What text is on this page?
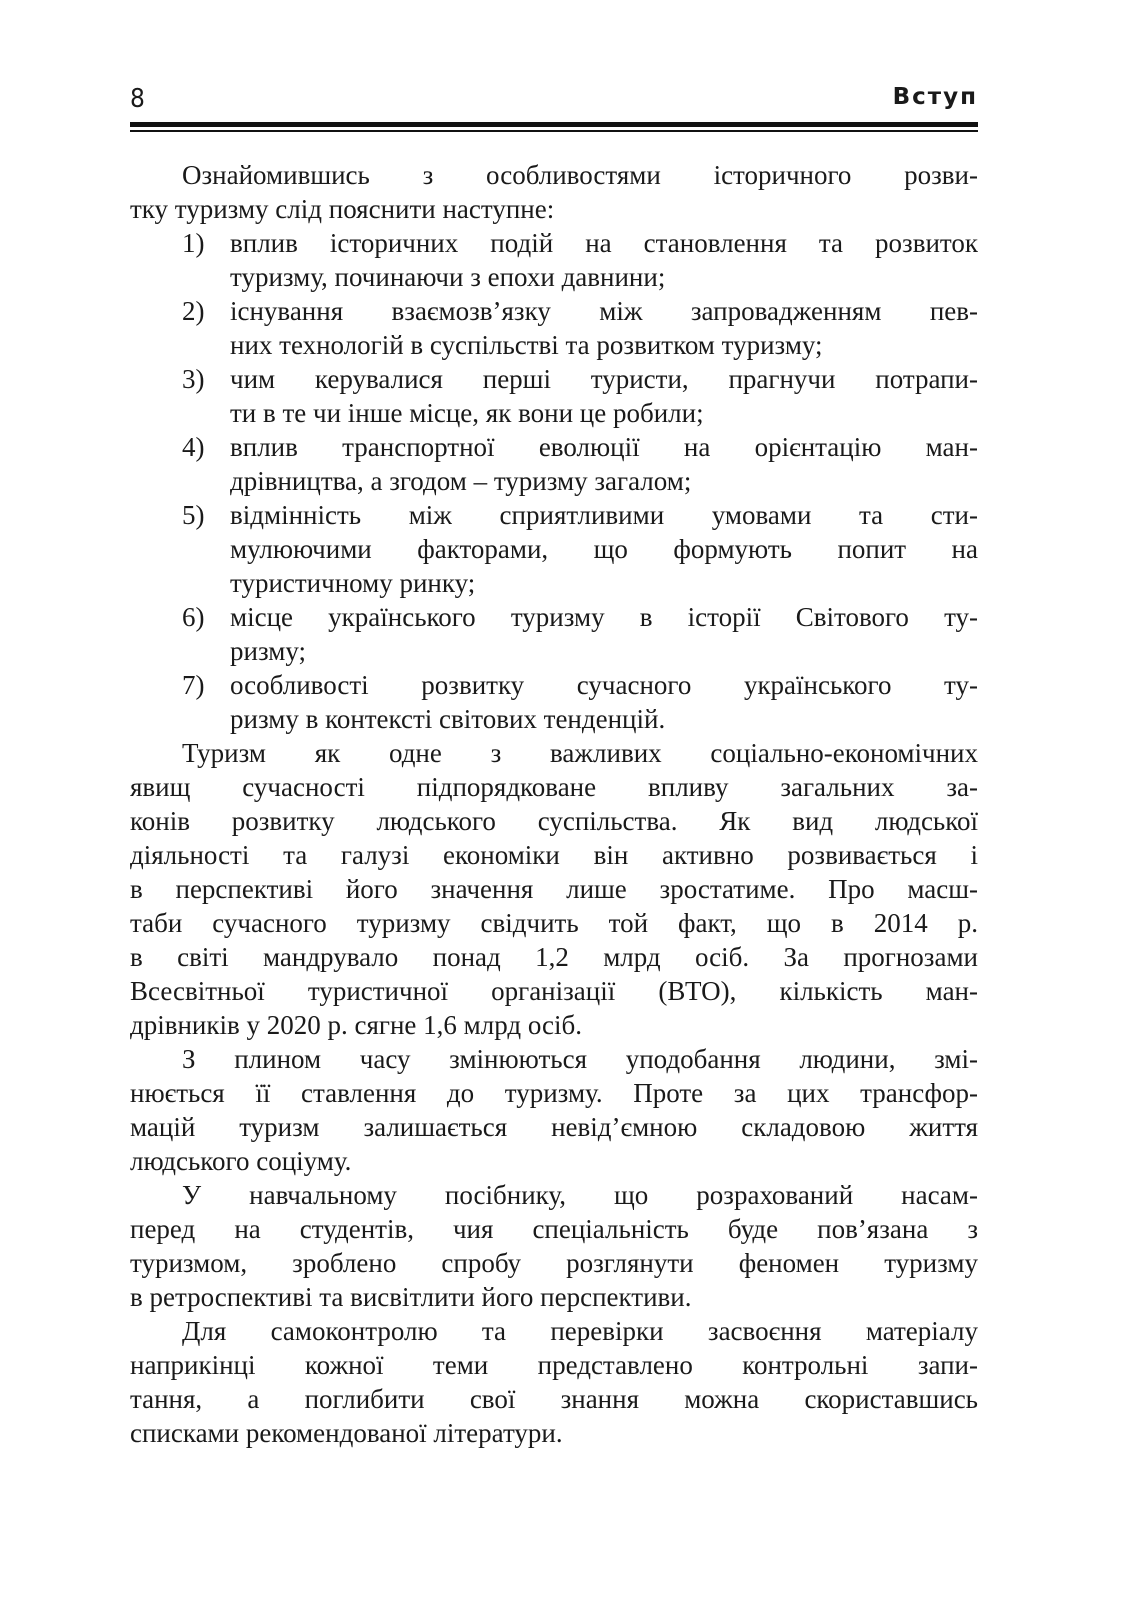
8	Вступ
Ознайомившись з особливостями історичного розви-
тку туризму слід пояснити наступне:
1) вплив історичних подій на становлення та розвиток
туризму, починаючи з епохи давнини;
2) існування взаємозв’язку між запровадженням пев-
них технологій в суспільстві та розвитком туризму;
3) чим керувалися перші туристи, прагнучи потрапи-
ти в те чи інше місце, як вони це робили;
4) вплив транспортної еволюції на орієнтацію ман-
дрівництва, а згодом – туризму загалом;
5) відмінність між сприятливими умовами та сти-
мулюючими факторами, що формують попит на
туристичному ринку;
6) місце українського туризму в історії Світового ту-
ризму;
7) особливості розвитку сучасного українського ту-
ризму в контексті світових тенденцій.
Туризм як одне з важливих соціально-економічних
явищ сучасності підпорядковане впливу загальних за-
конів розвитку людського суспільства. Як вид людської
діяльності та галузі економіки він активно розвивається і
в перспективі його значення лише зростатиме. Про масш-
таби сучасного туризму свідчить той факт, що в 2014 р.
в світі мандрувало понад 1,2 млрд осіб. За прогнозами
Всесвітньої туристичної організації (ВТО), кількість ман-
дрівників у 2020 р. сягне 1,6 млрд осіб.
З плином часу змінюються уподобання людини, змі-
нюється її ставлення до туризму. Проте за цих трансфор-
мацій туризм залишається невід’ємною складовою життя
людського соціуму.
У навчальному посібнику, що розрахований насам-
перед на студентів, чия спеціальність буде пов’язана з
туризмом, зроблено спробу розглянути феномен туризму
в ретроспективі та висвітлити його перспективи.
Для самоконтролю та перевірки засвоєння матеріалу
наприкінці кожної теми представлено контрольні запи-
тання, а поглибити свої знання можна скориставшись
списками рекомендованої літератури.
